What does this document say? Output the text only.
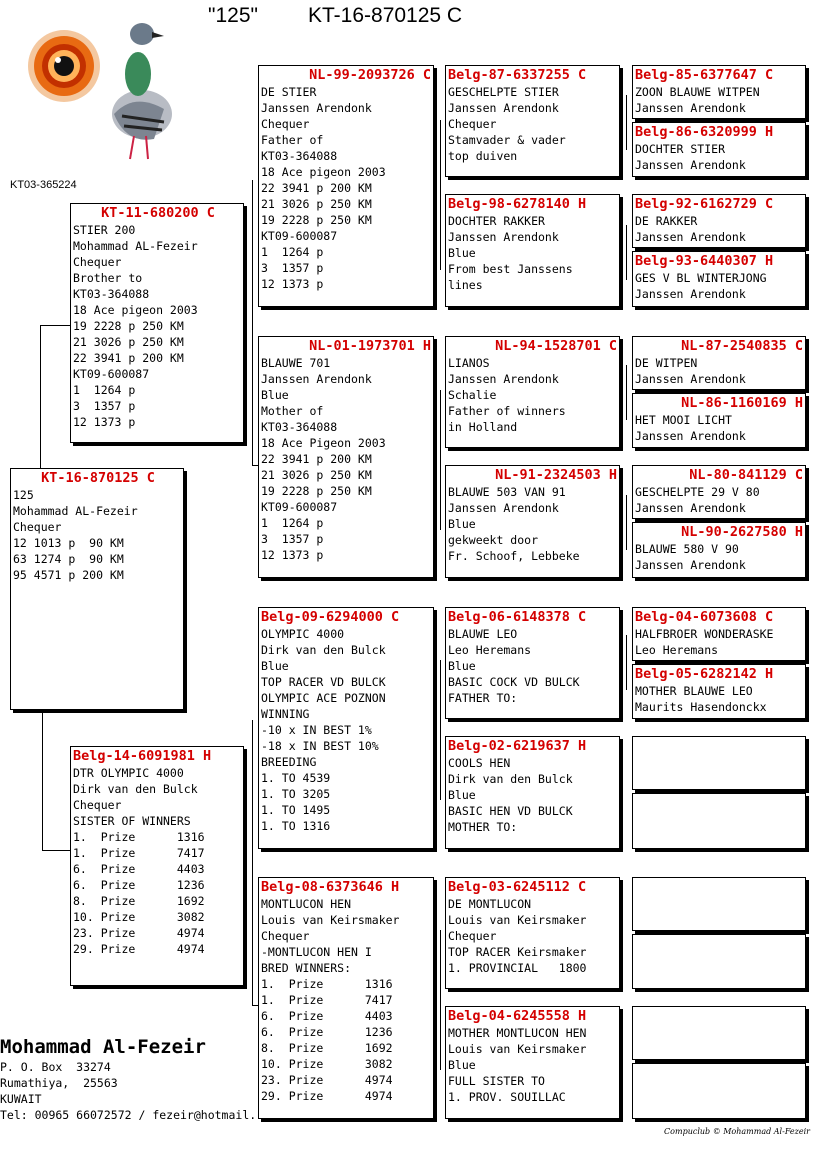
"125" KT-16-870125 C
KT03-365224
KT-16-870125 C
125
Mohammad AL-Fezeir
Chequer
12 1013 p  90 KM
63 1274 p  90 KM
95 4571 p 200 KM
KT-11-680200 C
STIER 200
Mohammad AL-Fezeir
Chequer
Brother to
KT03-364088
18 Ace pigeon 2003
19 2228 p 250 KM
21 3026 p 250 KM
22 3941 p 200 KM
KT09-600087
1  1264 p
3  1357 p
12 1373 p
Belg-14-6091981 H
DTR OLYMPIC 4000
Dirk van den Bulck
Chequer
SISTER OF WINNERS
1.  Prize      1316
1.  Prize      7417
6.  Prize      4403
6.  Prize      1236
8.  Prize      1692
10. Prize      3082
23. Prize      4974
29. Prize      4974
NL-99-2093726 C
DE STIER
Janssen Arendonk
Chequer
Father of
KT03-364088
18 Ace pigeon 2003
22 3941 p 200 KM
21 3026 p 250 KM
19 2228 p 250 KM
KT09-600087
1  1264 p
3  1357 p
12 1373 p
NL-01-1973701 H
BLAUWE 701
Janssen Arendonk
Blue
Mother of
KT03-364088
18 Ace Pigeon 2003
22 3941 p 200 KM
21 3026 p 250 KM
19 2228 p 250 KM
KT09-600087
1  1264 p
3  1357 p
12 1373 p
Belg-09-6294000 C
OLYMPIC 4000
Dirk van den Bulck
Blue
TOP RACER VD BULCK
OLYMPIC ACE POZNON
WINNING
-10 x IN BEST 1%
-18 x IN BEST 10%
BREEDING
1. TO 4539
1. TO 3205
1. TO 1495
1. TO 1316
Belg-08-6373646 H
MONTLUCON HEN
Louis van Keirsmaker
Chequer
-MONTLUCON HEN I
BRED WINNERS:
1.  Prize      1316
1.  Prize      7417
6.  Prize      4403
6.  Prize      1236
8.  Prize      1692
10. Prize      3082
23. Prize      4974
29. Prize      4974
Belg-87-6337255 C
GESCHELPTE STIER
Janssen Arendonk
Chequer
Stamvader & vader
top duiven
Belg-98-6278140 H
DOCHTER RAKKER
Janssen Arendonk
Blue
From best Janssens
lines
NL-94-1528701 C
LIANOS
Janssen Arendonk
Schalie
Father of winners
in Holland
NL-91-2324503 H
BLAUWE 503 VAN 91
Janssen Arendonk
Blue
gekweekt door
Fr. Schoof, Lebbeke
Belg-06-6148378 C
BLAUWE LEO
Leo Heremans
Blue
BASIC COCK VD BULCK
FATHER TO:
Belg-02-6219637 H
COOLS HEN
Dirk van den Bulck
Blue
BASIC HEN VD BULCK
MOTHER TO:
Belg-03-6245112 C
DE MONTLUCON
Louis van Keirsmaker
Chequer
TOP RACER Keirsmaker
1. PROVINCIAL   1800
Belg-04-6245558 H
MOTHER MONTLUCON HEN
Louis van Keirsmaker
Blue
FULL SISTER TO
1. PROV. SOUILLAC
Belg-85-6377647 C
ZOON BLAUWE WITPEN
Janssen Arendonk
Belg-86-6320999 H
DOCHTER STIER
Janssen Arendonk
Belg-92-6162729 C
DE RAKKER
Janssen Arendonk
Belg-93-6440307 H
GES V BL WINTERJONG
Janssen Arendonk
NL-87-2540835 C
DE WITPEN
Janssen Arendonk
NL-86-1160169 H
HET MOOI LICHT
Janssen Arendonk
NL-80-841129 C
GESCHELPTE 29 V 80
Janssen Arendonk
NL-90-2627580 H
BLAUWE 580 V 90
Janssen Arendonk
Belg-04-6073608 C
HALFBROER WONDERASKE
Leo Heremans
Belg-05-6282142 H
MOTHER BLAUWE LEO
Maurits Hasendonckx
Mohammad Al-Fezeir
P. O. Box  33274
Rumathiya,  25563
KUWAIT
Tel: 00965 66072572 / fezeir@hotmail.
Compuclub © Mohammad Al-Fezeir
